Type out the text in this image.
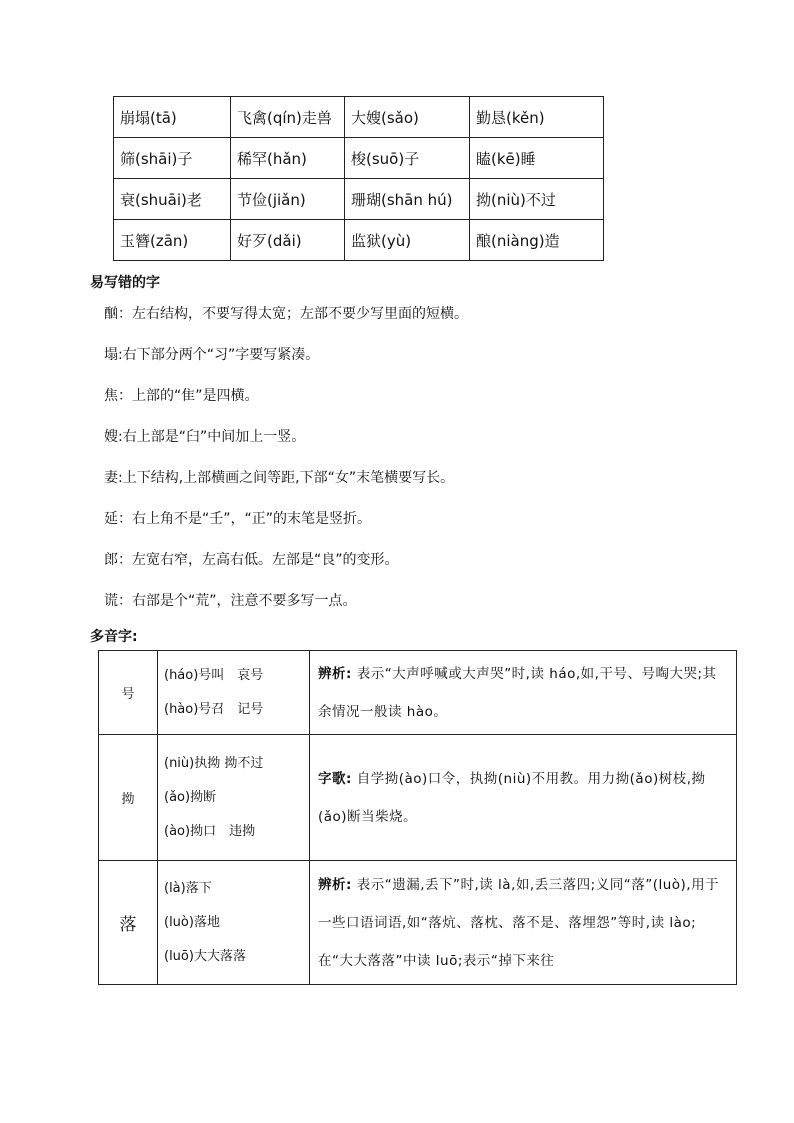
崩塌(tā)	飞禽(qín)走兽	大嫂(sǎo)	勤恳(kěn)
筛(shāi)子	稀罕(hǎn)	梭(suō)子	瞌(kē)睡
衰(shuāi)老	节俭(jiǎn)	珊瑚(shān hú)	拗(niù)不过
玉簪(zān)	好歹(dǎi)	监狱(yù)	酿(niàng)造
易写错的字
酗：左右结构，不要写得太宽；左部不要少写里面的短横。
塌:右下部分两个“习”字要写紧凑。
焦：上部的“隹”是四横。
嫂:右上部是“臼”中间加上一竖。
妻:上下结构,上部横画之间等距,下部“女”末笔横要写长。
延：右上角不是“壬”，“正”的末笔是竖折。
郎：左宽右窄，左高右低。左部是“良”的变形。
谎：右部是个“荒”，注意不要多写一点。
多音字:
号	(háo)号叫　哀号
(hào)号召　记号	辨析: 表示“大声呼喊或大声哭”时,读 háo,如,干号、号啕大哭;其余情况一般读 hào。
拗	(niù)执拗 拗不过
(ǎo)拗断
(ào)拗口　违拗	字歌: 自学拗(ào)口令，执拗(niù)不用教。用力拗(ǎo)树枝,拗(ǎo)断当柴烧。
落	(là)落下
(luò)落地
(luō)大大落落	辨析: 表示“遗漏,丢下”时,读 là,如,丢三落四;义同“落”(luò),用于一些口语词语,如“落炕、落枕、落不是、落埋怨”等时,读 lào;在“大大落落”中读 luō;表示“掉下来往
